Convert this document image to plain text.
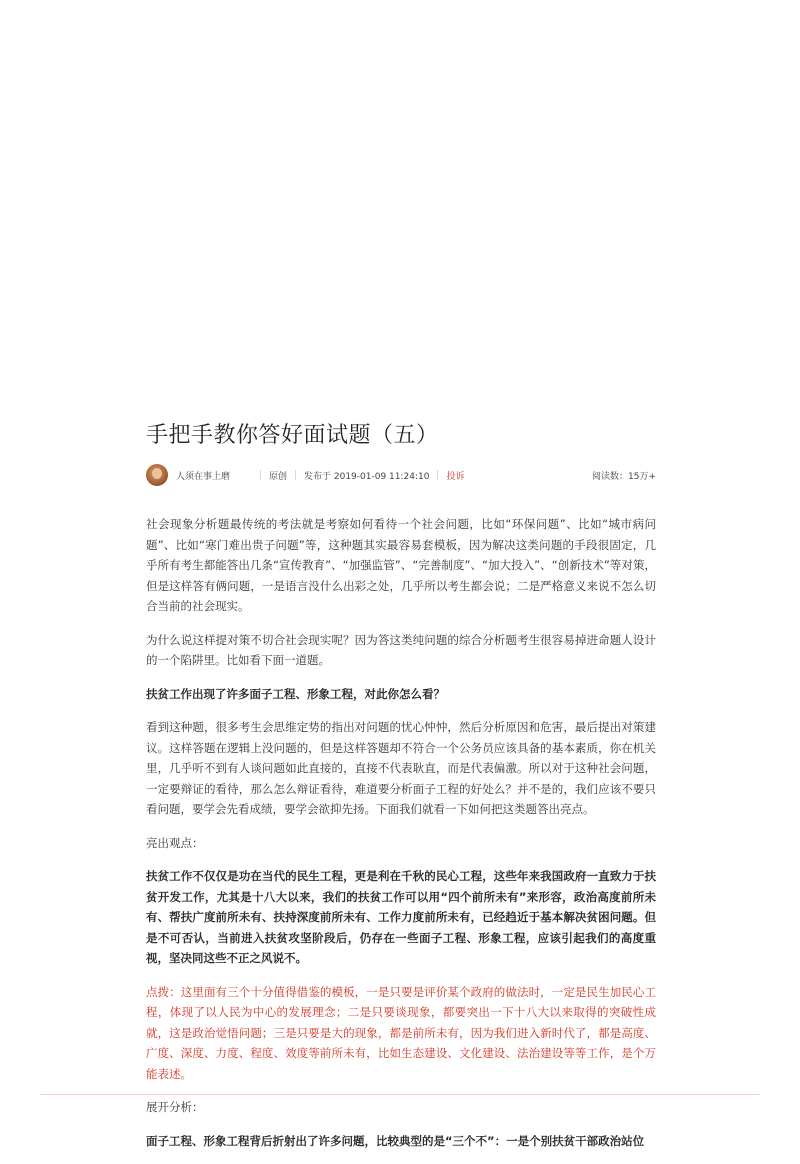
手把手教你答好面试题（五）
人须在事上磨	原创 发布于 2019-01-09 11:24:10 投诉	阅读数： 15万+

社会现象分析题最传统的考法就是考察如何看待一个社会问题，比如“环保问题”、比如“城市病问题”、比如“寒门难出贵子问题”等，这种题其实最容易套模板，因为解决这类问题的手段很固定，几乎所有考生都能答出几条“宣传教育”、“加强监管”、“完善制度”、“加大投入”、“创新技术”等对策，但是这样答有俩问题，一是语言没什么出彩之处，几乎所以考生都会说；二是严格意义来说不怎么切合当前的社会现实。

为什么说这样提对策不切合社会现实呢？因为答这类纯问题的综合分析题考生很容易掉进命题人设计的一个陷阱里。比如看下面一道题。

扶贫工作出现了许多面子工程、形象工程，对此你怎么看？

看到这种题，很多考生会思维定势的指出对问题的忧心忡忡，然后分析原因和危害，最后提出对策建议。这样答题在逻辑上没问题的，但是这样答题却不符合一个公务员应该具备的基本素质，你在机关里，几乎听不到有人谈问题如此直接的，直接不代表耿直，而是代表偏激。所以对于这种社会问题，一定要辩证的看待，那么怎么辩证看待，难道要分析面子工程的好处么？并不是的，我们应该不要只看问题，要学会先看成绩，要学会欲抑先扬。下面我们就看一下如何把这类题答出亮点。

亮出观点：

扶贫工作不仅仅是功在当代的民生工程，更是利在千秋的民心工程，这些年来我国政府一直致力于扶贫开发工作，尤其是十八大以来，我们的扶贫工作可以用“四个前所未有”来形容，政治高度前所未有、帮扶广度前所未有、扶持深度前所未有、工作力度前所未有，已经趋近于基本解决贫困问题。但是不可否认，当前进入扶贫攻坚阶段后，仍存在一些面子工程、形象工程，应该引起我们的高度重视，坚决同这些不正之风说不。

点拨：这里面有三个十分值得借鉴的模板，一是只要是评价某个政府的做法时，一定是民生加民心工程，体现了以人民为中心的发展理念；二是只要谈现象，都要突出一下十八大以来取得的突破性成就，这是政治觉悟问题；三是只要是大的现象，都是前所未有，因为我们进入新时代了，都是高度、广度、深度、力度、程度、效度等前所未有，比如生态建设、文化建设、法治建设等等工作，是个万能表述。

展开分析：

面子工程、形象工程背后折射出了许多问题，比较典型的是“三个不”：一是个别扶贫干部政治站位
